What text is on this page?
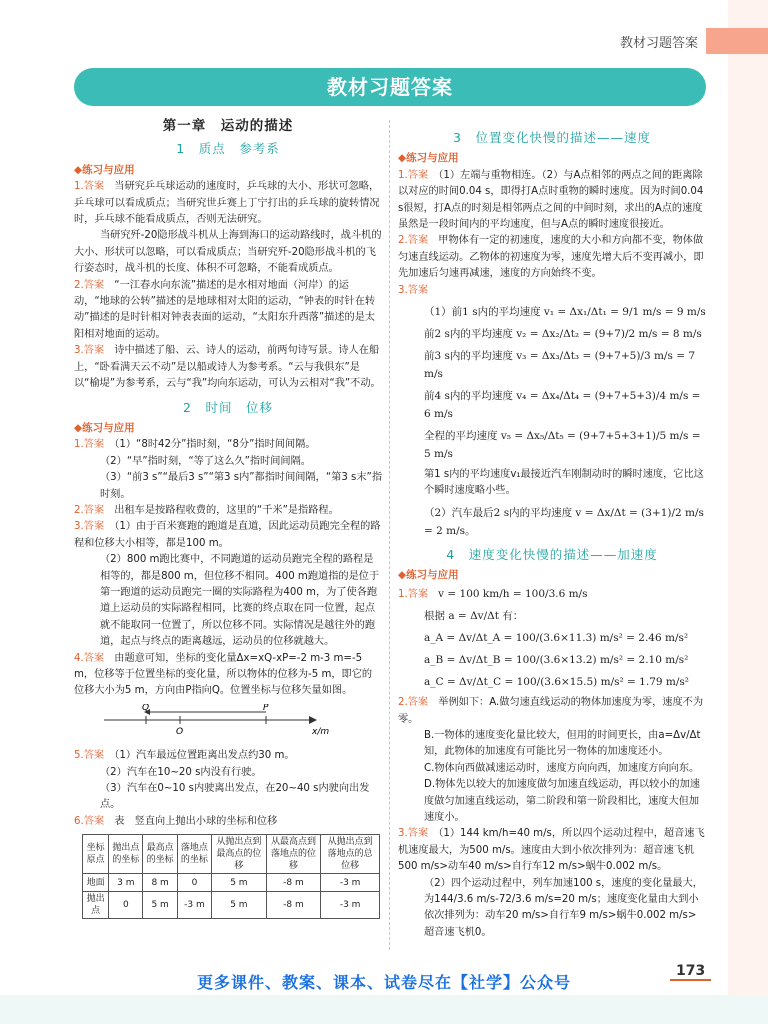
教材习题答案
教材习题答案
第一章　运动的描述
1　质点　参考系
◆练习与应用
1.答案　当研究乒乓球运动的速度时，乒乓球的大小、形状可忽略，乒乓球可以看成质点；当研究世乒赛上丁宁打出的乒乓球的旋转情况时，乒乓球不能看成质点，否则无法研究。
当研究歼-20隐形战斗机从上海到海口的运动路线时，战斗机的大小、形状可以忽略，可以看成质点；当研究歼-20隐形战斗机的飞行姿态时，战斗机的长度、体积不可忽略，不能看成质点。
2.答案　“一江春水向东流”描述的是水相对地面（河岸）的运动，“地球的公转”描述的是地球相对太阳的运动，“钟表的时针在转动”描述的是时针相对钟表表面的运动，“太阳东升西落”描述的是太阳相对地面的运动。
3.答案　诗中描述了船、云、诗人的运动，前两句诗写景。诗人在船上，“卧看满天云不动”是以船或诗人为参考系。“云与我俱东”是以“榆堤”为参考系，云与“我”均向东运动，可认为云相对“我”不动。
2　时间　位移
◆练习与应用
1.答案　（1）“8时42分”指时刻，“8分”指时间间隔。
（2）“早”指时刻，“等了这么久”指时间间隔。
（3）“前3 s”“最后3 s”“第3 s内”都指时间间隔，“第3 s末”指时刻。
2.答案　出租车是按路程收费的，这里的“千米”是指路程。
3.答案　（1）由于百米赛跑的跑道是直道，因此运动员跑完全程的路程和位移大小相等，都是100 m。
（2）800 m跑比赛中，不同跑道的运动员跑完全程的路程是相等的，都是800 m，但位移不相同。400 m跑道指的是位于第一跑道的运动员跑完一圈的实际路程为400 m，为了使各跑道上运动员的实际路程相同，比赛的终点取在同一位置，起点就不能取同一位置了，所以位移不同。实际情况是越往外的跑道，起点与终点的距离越远，运动员的位移就越大。
4.答案　由题意可知，坐标的变化量Δx=xQ-xP=-2 m-3 m=-5 m，位移等于位置坐标的变化量，所以物体的位移为-5 m，即它的位移大小为5 m，方向由P指向Q。位置坐标与位移矢量如图。
Q	P
O	x/m
5.答案　（1）汽车最远位置距离出发点约30 m。
（2）汽车在10~20 s内没有行驶。
（3）汽车在0~10 s内驶离出发点，在20~40 s内驶向出发点。
6.答案　表　竖直向上抛出小球的坐标和位移
坐标原点	抛出点的坐标	最高点的坐标	落地点的坐标	从抛出点到最高点的位移	从最高点到落地点的位移	从抛出点到落地点的总位移
地面	3 m	8 m	0	5 m	-8 m	-3 m
抛出点	0	5 m	-3 m	5 m	-8 m	-3 m
3　位置变化快慢的描述——速度
◆练习与应用
1.答案　（1）左端与重物相连。（2）与A点相邻的两点之间的距离除以对应的时间0.04 s，即得打A点时重物的瞬时速度。因为时间0.04 s很短，打A点的时刻是相邻两点之间的中间时刻，求出的A点的速度虽然是一段时间内的平均速度，但与A点的瞬时速度很接近。
2.答案　甲物体有一定的初速度，速度的大小和方向都不变，物体做匀速直线运动。乙物体的初速度为零，速度先增大后不变再减小，即先加速后匀速再减速，速度的方向始终不变。
3.答案
（1）前1 s内的平均速度 v₁ = Δx₁/Δt₁ = 9/1 m/s = 9 m/s
前2 s内的平均速度 v₂ = Δx₂/Δt₂ = (9+7)/2 m/s = 8 m/s
前3 s内的平均速度 v₃ = Δx₃/Δt₃ = (9+7+5)/3 m/s = 7 m/s
前4 s内的平均速度 v₄ = Δx₄/Δt₄ = (9+7+5+3)/4 m/s = 6 m/s
全程的平均速度 v₅ = Δx₅/Δt₅ = (9+7+5+3+1)/5 m/s = 5 m/s
第1 s内的平均速度v₁最接近汽车刚制动时的瞬时速度，它比这个瞬时速度略小些。
（2）汽车最后2 s内的平均速度 v = Δx/Δt = (3+1)/2 m/s = 2 m/s。
4　速度变化快慢的描述——加速度
◆练习与应用
1.答案 v = 100 km/h = 100/3.6 m/s
根据 a = Δv/Δt 有：
a_A = Δv/Δt_A = 100/(3.6×11.3) m/s² = 2.46 m/s²
a_B = Δv/Δt_B = 100/(3.6×13.2) m/s² = 2.10 m/s²
a_C = Δv/Δt_C = 100/(3.6×15.5) m/s² = 1.79 m/s²
2.答案　举例如下：A.做匀速直线运动的物体加速度为零，速度不为零。
B.一物体的速度变化量比较大，但用的时间更长，由a=Δv/Δt知，此物体的加速度有可能比另一物体的加速度还小。
C.物体向西做减速运动时，速度方向向西，加速度方向向东。
D.物体先以较大的加速度做匀加速直线运动，再以较小的加速度做匀加速直线运动，第二阶段和第一阶段相比，速度大但加速度小。
3.答案　（1）144 km/h=40 m/s，所以四个运动过程中，超音速飞机速度最大，为500 m/s。速度由大到小依次排列为：超音速飞机500 m/s>动车40 m/s>自行车12 m/s>蜗牛0.002 m/s。
（2）四个运动过程中，列车加速100 s，速度的变化量最大，为144/3.6 m/s-72/3.6 m/s=20 m/s；速度变化量由大到小依次排列为：动车20 m/s>自行车9 m/s>蜗牛0.002 m/s>超音速飞机0。
更多课件、教案、课本、试卷尽在【社学】公众号
173
